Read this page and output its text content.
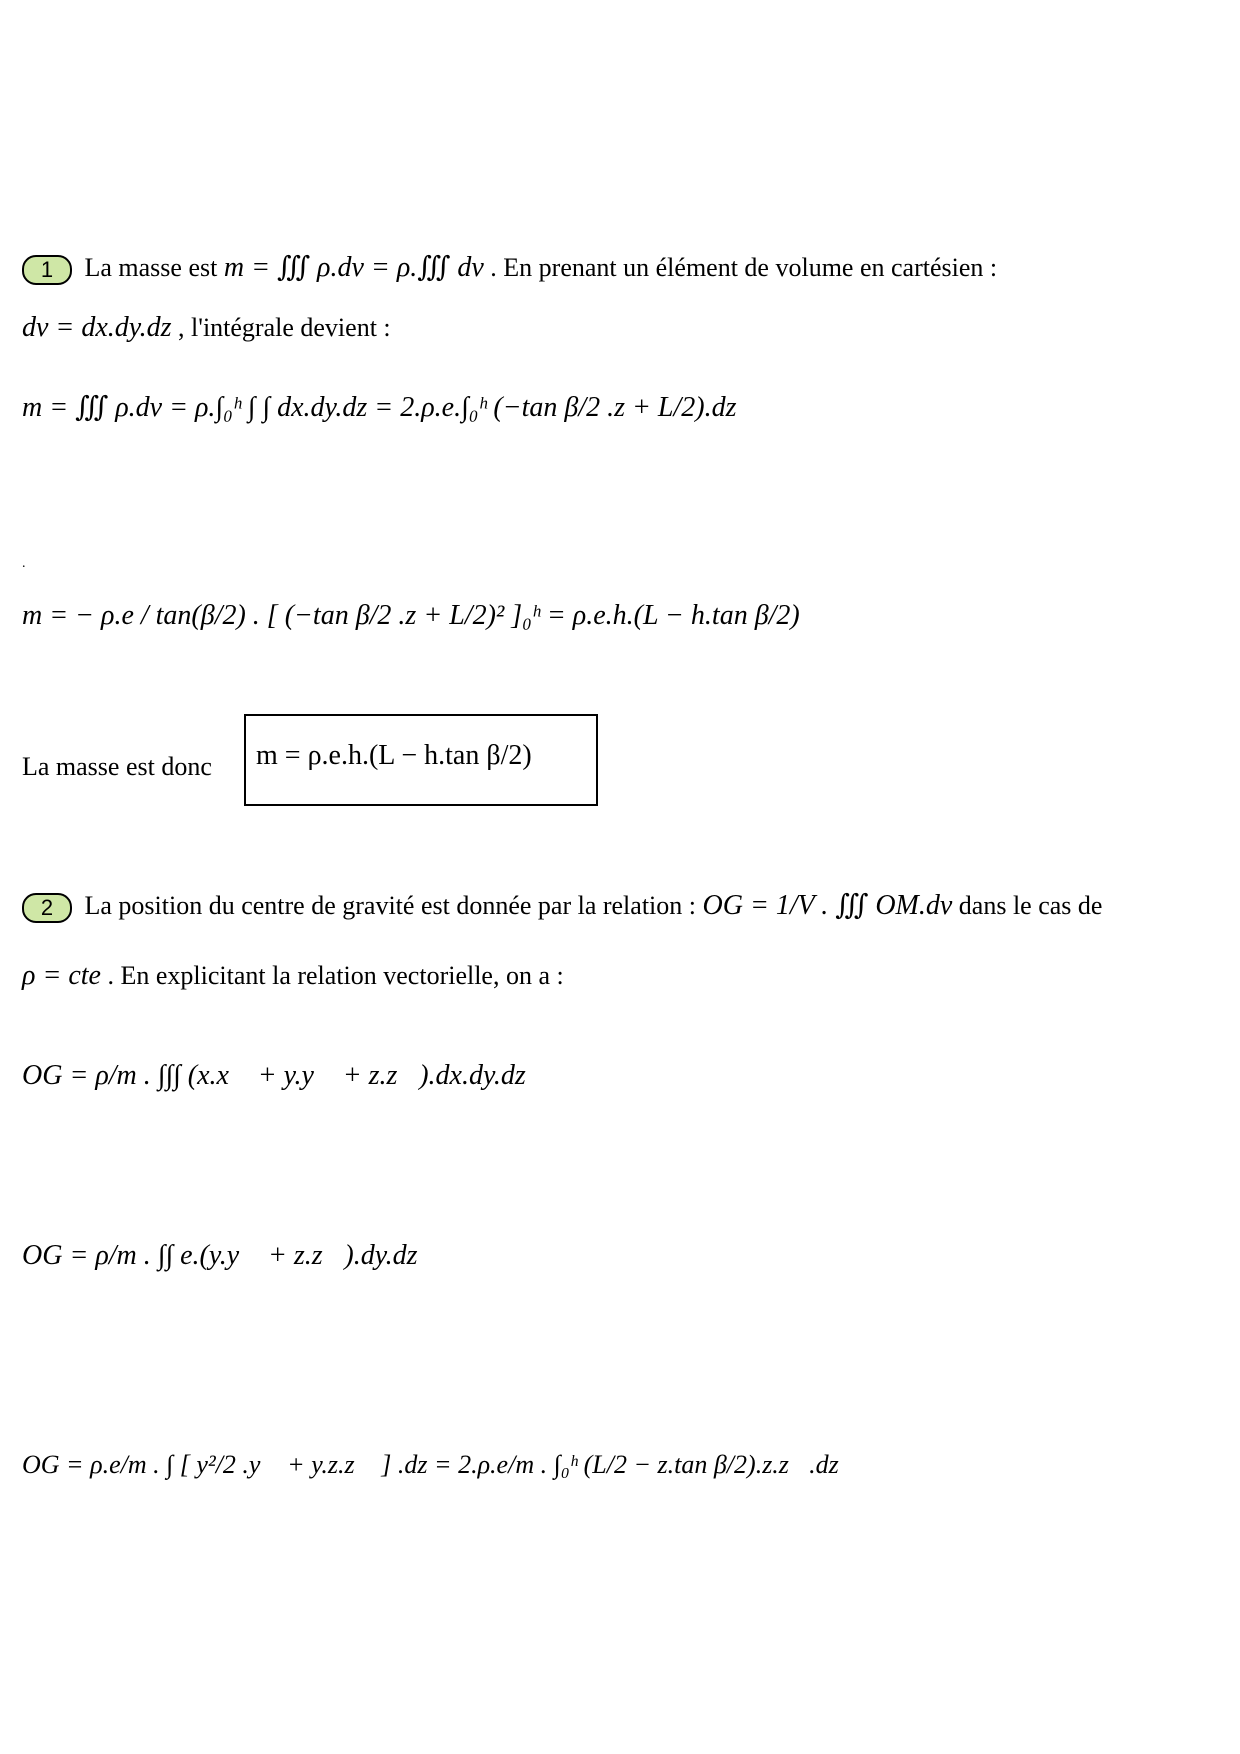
1 La masse est m = ∭ ρ.dv = ρ.∭ dv . En prenant un élément de volume en cartésien :
dv = dx.dy.dz , l'intégrale devient :
m = ∭ ρ.dv = ρ.∫₀ʰ ∫ ∫ dx.dy.dz = 2.ρ.e.∫₀ʰ (−tan β/2 .z + L/2).dz
.
m = − ρ.e / tan(β/2) . [ (−tan β/2 .z + L/2)² ]₀ʰ = ρ.e.h.(L − h.tan β/2)
La masse est donc m = ρ.e.h.(L − h.tan β/2)
2 La position du centre de gravité est donnée par la relation : OG = 1/V . ∭ OM.dv dans le cas de
ρ = cte . En explicitant la relation vectorielle, on a :
OG = ρ/m . ∫∫∫ (x.x⃗ + y.y⃗ + z.z⃗).dx.dy.dz
OG = ρ/m . ∫∫ e.(y.y⃗ + z.z⃗).dy.dz
OG = ρ.e/m . ∫ [ y²/2 .y⃗ + y.z.z⃗ ] .dz = 2.ρ.e/m . ∫₀ʰ (L/2 − z.tan β/2).z.z⃗.dz
